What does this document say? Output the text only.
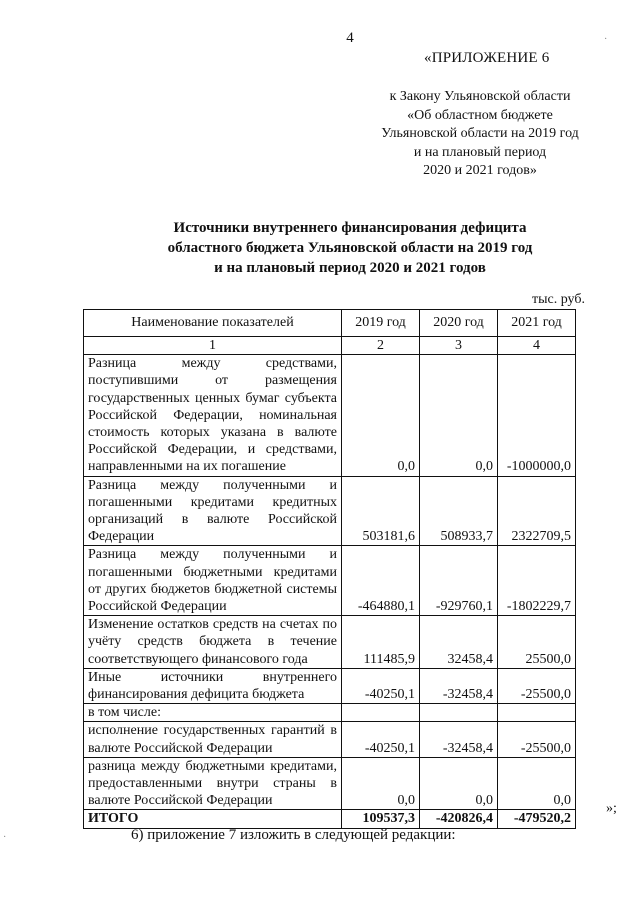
4
«ПРИЛОЖЕНИЕ 6
к Закону Ульяновской области
«Об областном бюджете
Ульяновской области на 2019 год
и на плановый период
2020 и 2021 годов»
Источники внутреннего финансирования дефицита
областного бюджета Ульяновской области на 2019 год
и на плановый период 2020 и 2021 годов
тыс. руб.
Наименование показателей	2019 год	2020 год	2021 год
1	2	3	4
Разница между средствами, поступившими от размещения государственных ценных бумаг субъекта Российской Федерации, номинальная стоимость которых указана в валюте Российской Федерации, и средствами, направленными на их погашение	0,0	0,0	-1000000,0
Разница между полученными и погашенными кредитами кредитных организаций в валюте Российской Федерации	503181,6	508933,7	2322709,5
Разница между полученными и погашенными бюджетными кредитами от других бюджетов бюджетной системы Российской Федерации	-464880,1	-929760,1	-1802229,7
Изменение остатков средств на счетах по учёту средств бюджета в течение соответствующего финансового года	111485,9	32458,4	25500,0
Иные источники внутреннего финансирования дефицита бюджета	-40250,1	-32458,4	-25500,0
в том числе:			
исполнение государственных гарантий в валюте Российской Федерации	-40250,1	-32458,4	-25500,0
разница между бюджетными кредитами, предоставленными внутри страны в валюте Российской Федерации	0,0	0,0	0,0
ИТОГО	109537,3	-420826,4	-479520,2
»;
6) приложение 7 изложить в следующей редакции:
·
·
